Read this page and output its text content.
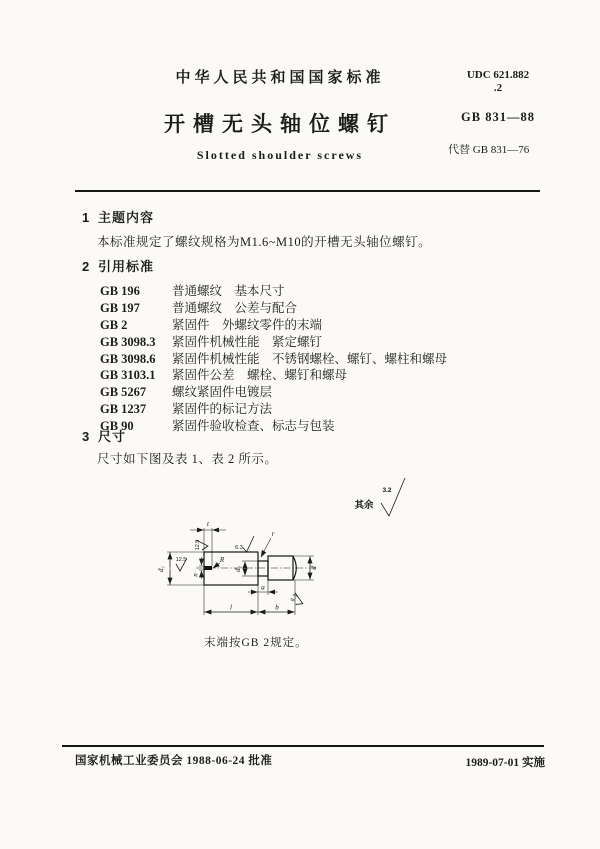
中华人民共和国国家标准
开槽无头轴位螺钉
Slotted shoulder screws
UDC 621.882
.2
GB 831—88
代替 GB 831—76
1 主题内容
本标准规定了螺纹规格为M1.6~M10的开槽无头轴位螺钉。
2 引用标准
GB 196	普通螺纹　基本尺寸
GB 197	普通螺纹　公差与配合
GB 2	紧固件　外螺纹零件的末端
GB 3098.3 紧固件机械性能　紧定螺钉
GB 3098.6 紧固件机械性能　不锈钢螺栓、螺钉、螺柱和螺母
GB 3103.1 紧固件公差　螺栓、螺钉和螺母
GB 5267 螺纹紧固件电镀层
GB 1237 紧固件的标记方法
GB 90	紧固件验收检查、标志与包装
3 尺寸
尺寸如下图及表 1、表 2 所示。
其余
3.2
t
12.5
d₁
12.5
n
R
6.3
r
d₂	d
6.3
a
l	b
末端按GB 2规定。
国家机械工业委员会 1988-06-24 批准	1989-07-01 实施
